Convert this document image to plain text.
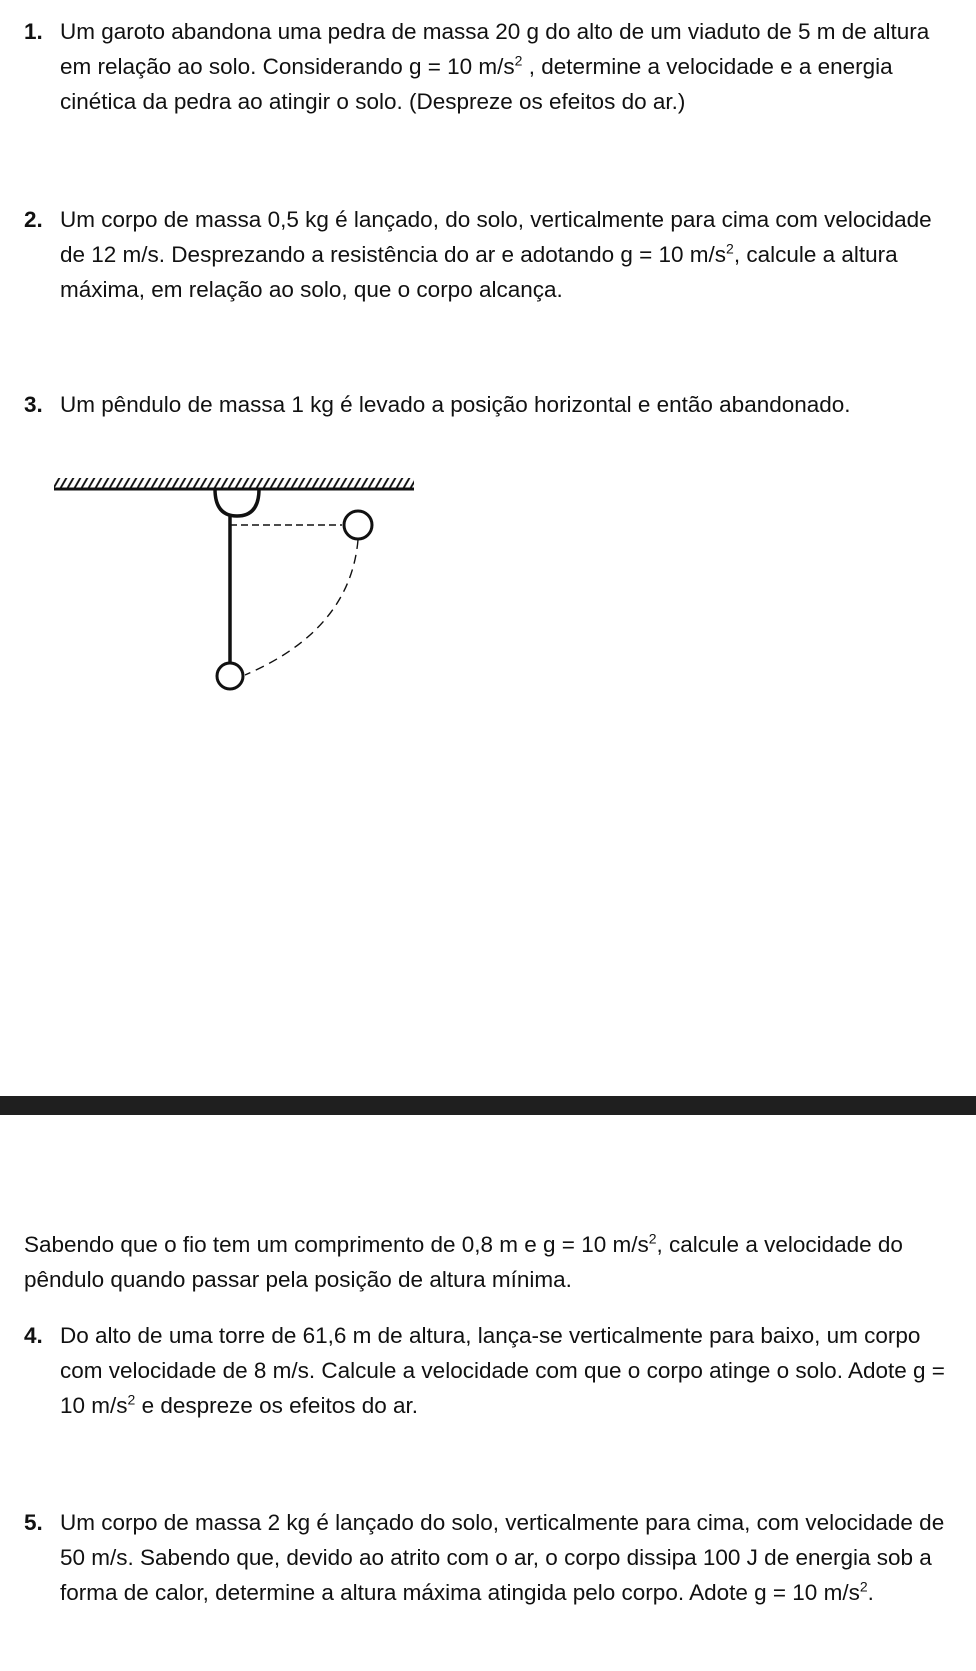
1. Um garoto abandona uma pedra de massa 20 g do alto de um viaduto de 5 m de altura em relação ao solo. Considerando g = 10 $m/s^2$ , determine a velocidade e a energia cinética da pedra ao atingir o solo. (Despreze os efeitos do ar.)
2. Um corpo de massa 0,5 kg é lançado, do solo, verticalmente para cima com velocidade de 12 m/s. Desprezando a resistência do ar e adotando g = 10 $m/s^2$, calcule a altura máxima, em relação ao solo, que o corpo alcança.
3. Um pêndulo de massa 1 kg é levado a posição horizontal e então abandonado.
Sabendo que o fio tem um comprimento de 0,8 m e g = 10 $m/s^2$, calcule a velocidade do pêndulo quando passar pela posição de altura mínima.
4. Do alto de uma torre de 61,6 m de altura, lança-se verticalmente para baixo, um corpo com velocidade de 8 m/s. Calcule a velocidade com que o corpo atinge o solo. Adote g = 10 $m/s^2$ e despreze os efeitos do ar.
5. Um corpo de massa 2 kg é lançado do solo, verticalmente para cima, com velocidade de 50 m/s. Sabendo que, devido ao atrito com o ar, o corpo dissipa 100 J de energia sob a forma de calor, determine a altura máxima atingida pelo corpo. Adote g = 10 $m/s^2$.
